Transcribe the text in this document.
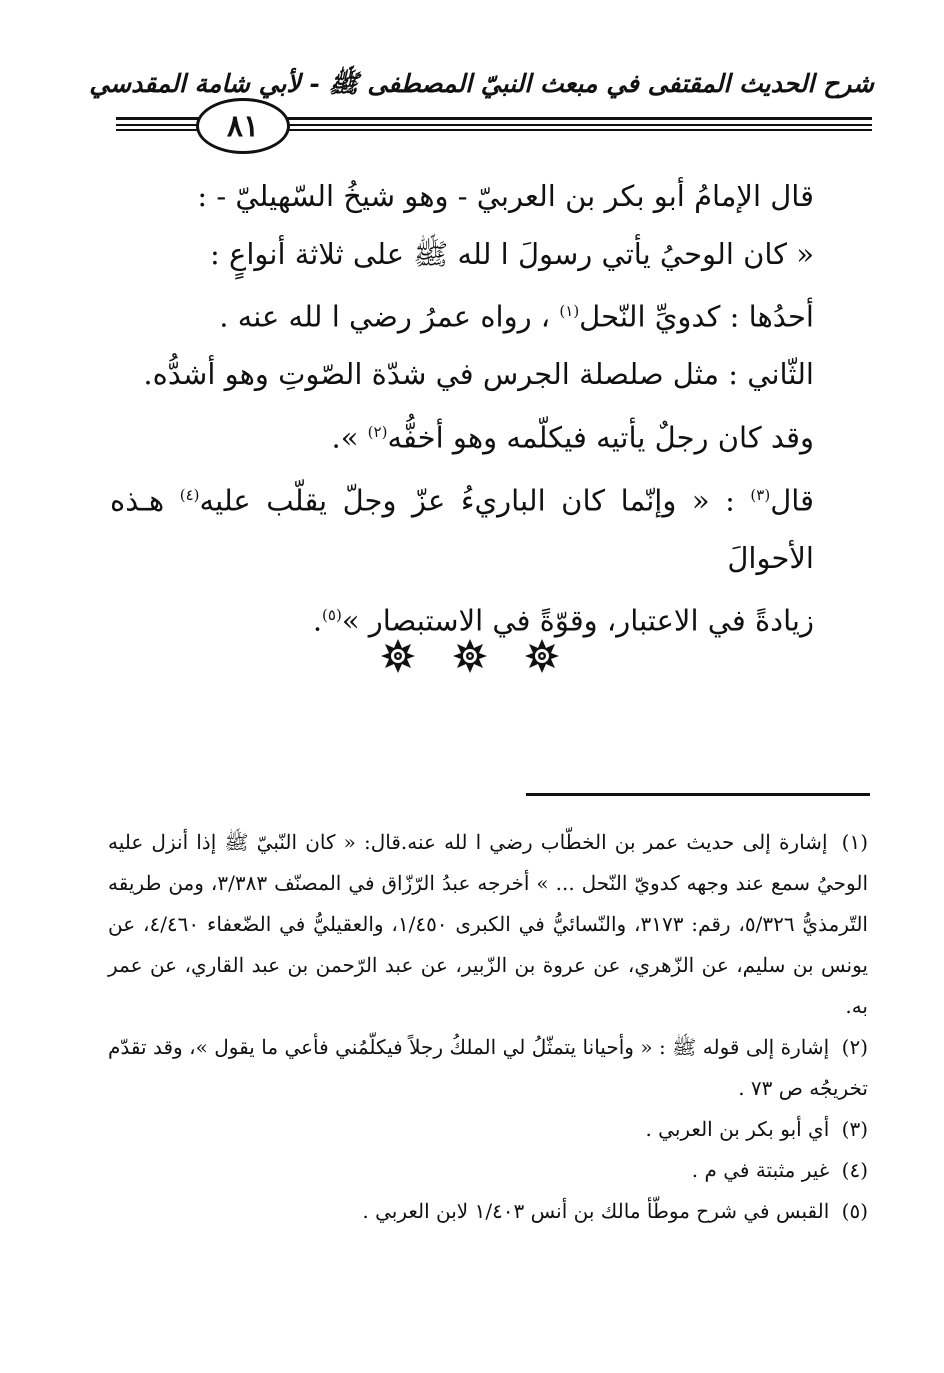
شرح الحديث المقتفى في مبعث النبيّ المصطفى ﷺ - لأبي شامة المقدسي
٨١

قال الإمامُ أبو بكر بن العربيّ - وهو شيخُ السّهيليّ - :

« كان الوحيُ يأتي رسولَ ا لله ﷺ على ثلاثة أنواعٍ :

أحدُها : كدويِّ النّحل$^{(١)}$ ، رواه عمرُ رضي ا لله عنه .

الثّاني : مثل صلصلة الجرس في شدّة الصّوتِ وهو أشدُّه.

وقد كان رجلٌ يأتيه فيكلّمه وهو أخفُّه$^{(٢)}$ ».

قال$^{(٣)}$ : « وإنّما كان الباريءُ عزّ وجلّ يقلّب عليه$^{(٤)}$ هـذه الأحوالَ

زيادةً في الاعتبار، وقوّةً في الاستبصار »$^{(٥)}$.

(١) إشارة إلى حديث عمر بن الخطّاب رضي ا لله عنه.قال: « كان النّبيّ ﷺ إذا أنزل عليه الوحيُ سمع عند وجهه كدويّ النّحل ... » أخرجه عبدُ الرّزّاق في المصنّف ٣/٣٨٣، ومن طريقه التّرمذيُّ ٥/٣٢٦، رقم: ٣١٧٣، والنّسائيُّ في الكبرى ١/٤٥٠، والعقيليُّ في الضّعفاء ٤/٤٦٠، عن يونس بن سليم، عن الزّهري، عن عروة بن الزّبير، عن عبد الرّحمن بن عبد القاري، عن عمر به.

(٢) إشارة إلى قوله ﷺ : « وأحيانا يتمثّلُ لي الملكُ رجلاً فيكلّمُني فأعي ما يقول »، وقد تقدّم تخريجُه ص ٧٣ .

(٣) أي أبو بكر بن العربي .

(٤) غير مثبتة في م .

(٥) القبس في شرح موطّأ مالك بن أنس ١/٤٠٣ لابن العربي .
